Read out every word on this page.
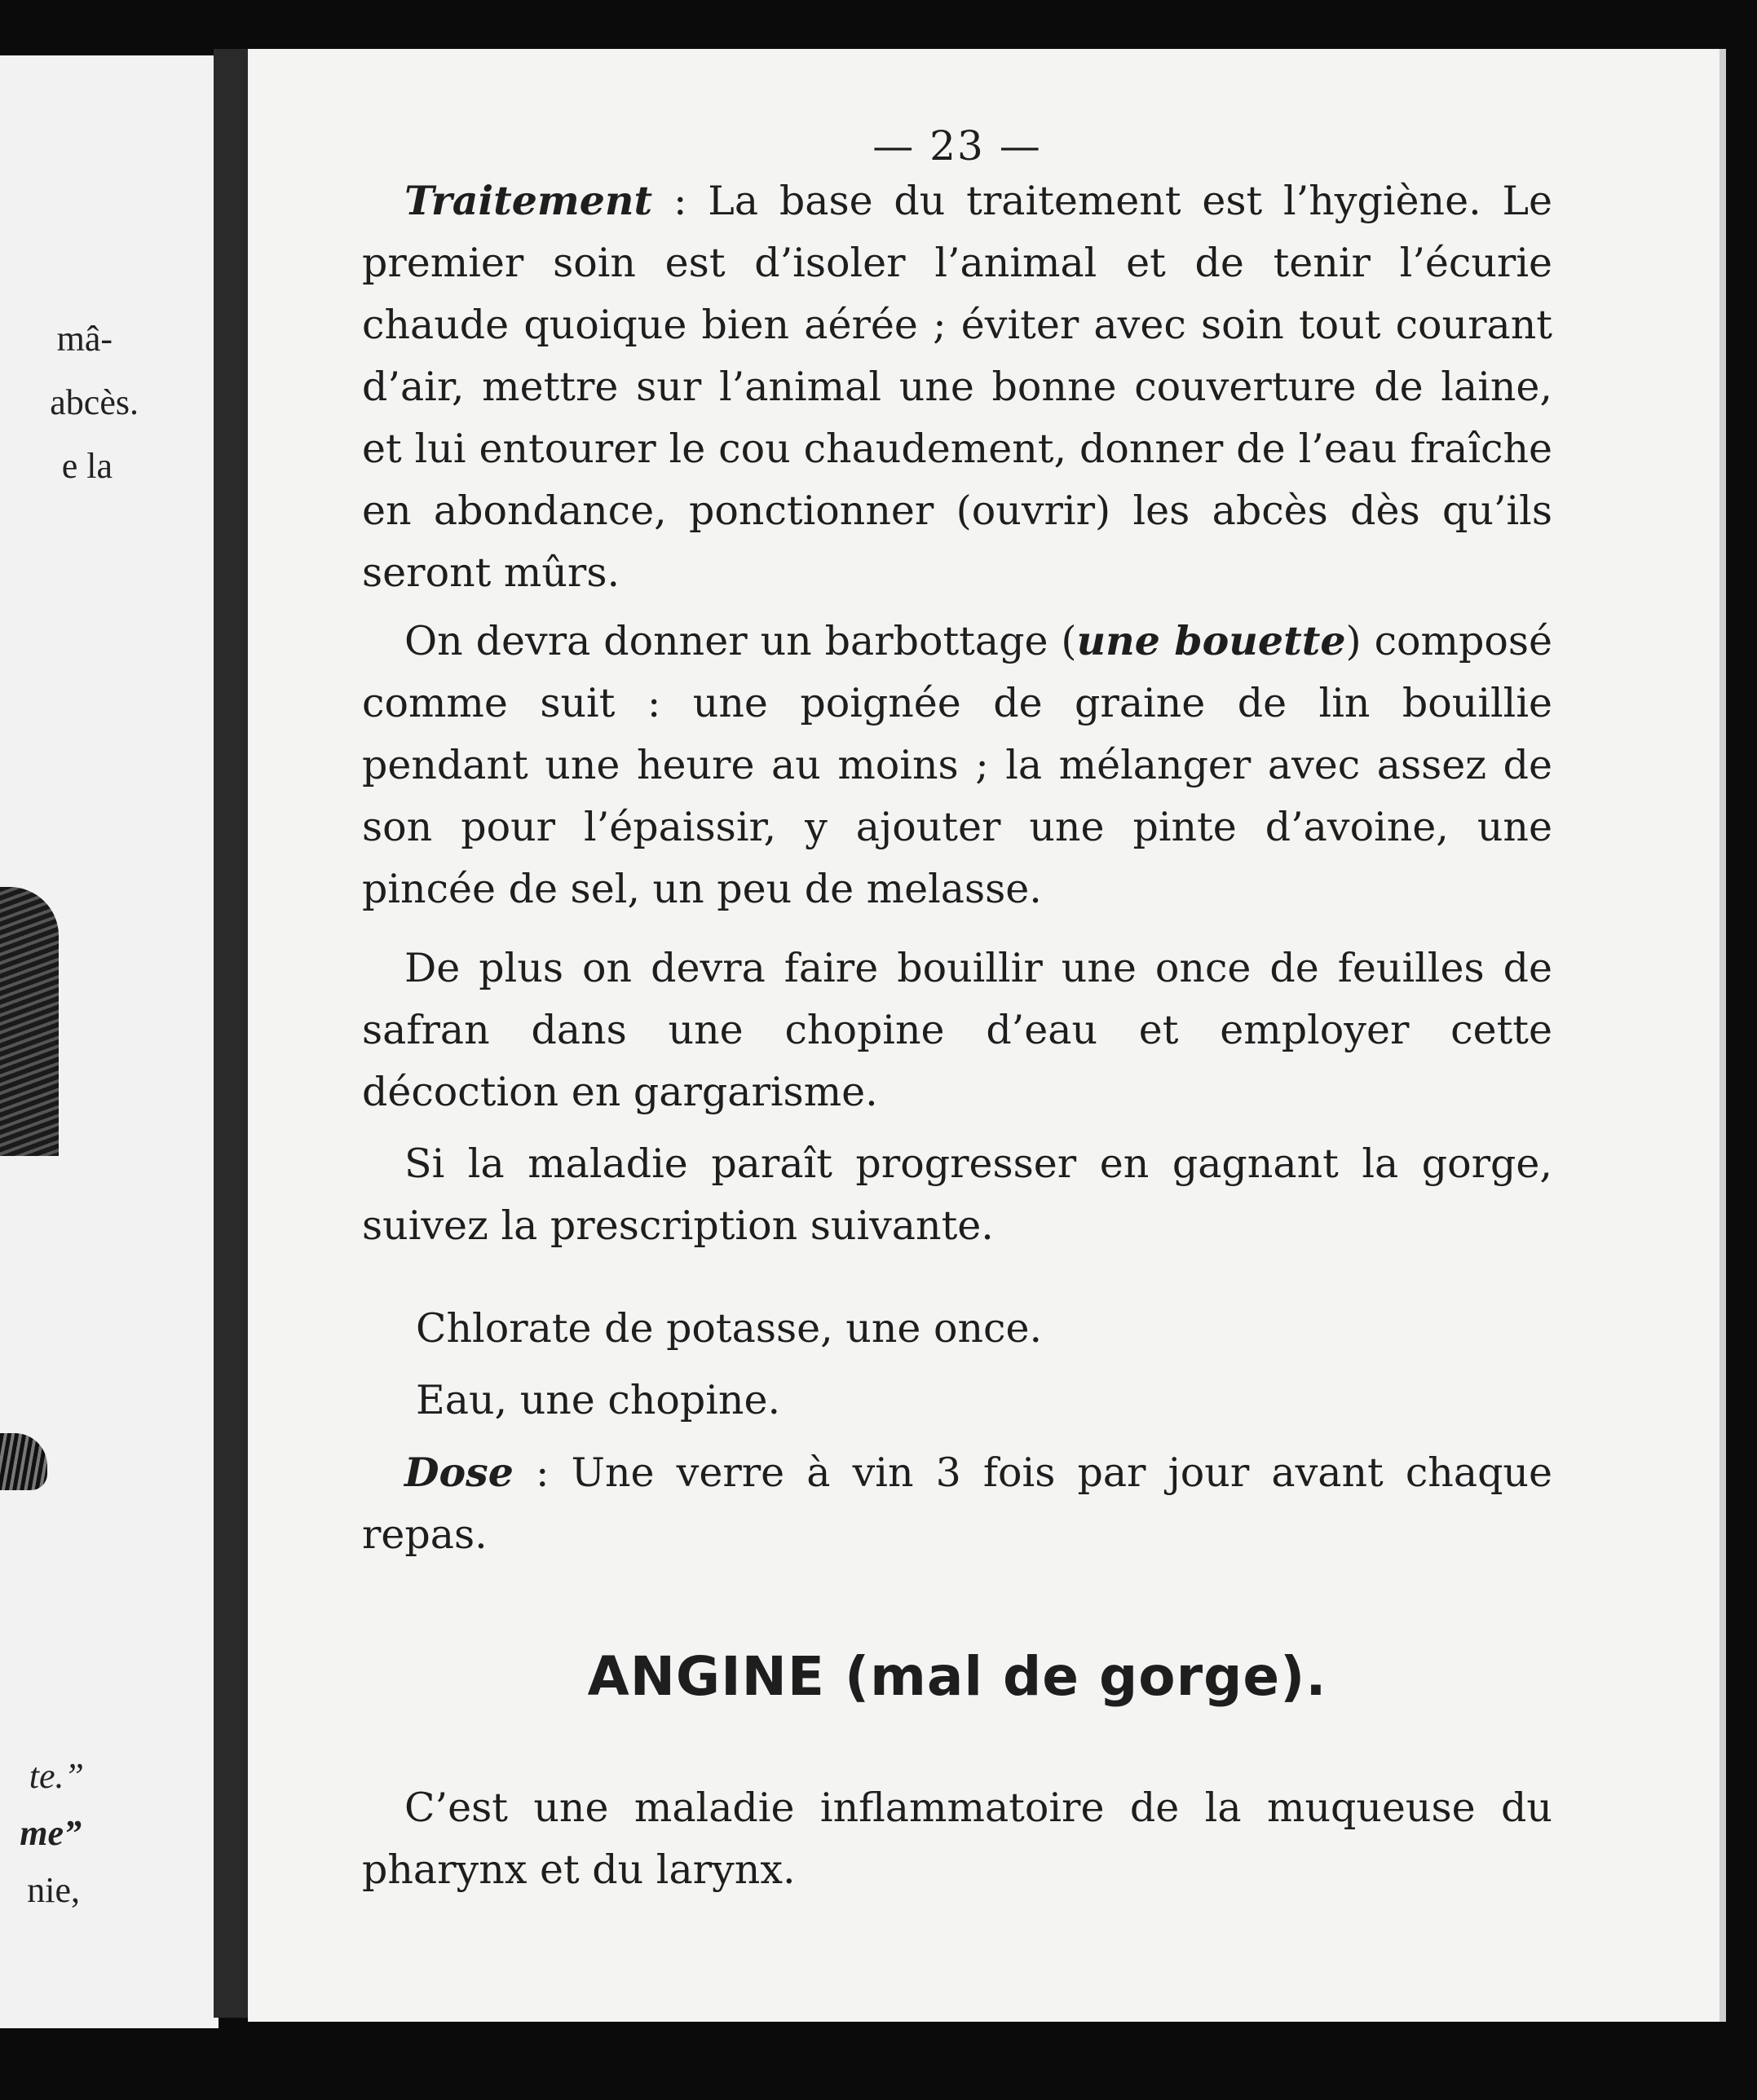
mâ-
abcès.
e la
te.”
me”
nie,
— 23 —
Traitement : La base du traitement est l’hygiène. Le premier soin est d’isoler l’animal et de tenir l’écurie chaude quoique bien aérée ; éviter avec soin tout courant d’air, mettre sur l’animal une bonne couverture de laine, et lui entourer le cou chaudement, donner de l’eau fraîche en abondance, ponctionner (ouvrir) les abcès dès qu’ils seront mûrs.
On devra donner un barbottage (une bouette) composé comme suit : une poignée de graine de lin bouillie pendant une heure au moins ; la mélanger avec assez de son pour l’épaissir, y ajouter une pinte d’avoine, une pincée de sel, un peu de melasse.
De plus on devra faire bouillir une once de feuilles de safran dans une chopine d’eau et employer cette décoction en gargarisme.
Si la maladie paraît progresser en gagnant la gorge, suivez la prescription suivante.
Chlorate de potasse, une once.
Eau, une chopine.
Dose : Une verre à vin 3 fois par jour avant chaque repas.
ANGINE (mal de gorge).
C’est une maladie inflammatoire de la muqueuse du pharynx et du larynx.
